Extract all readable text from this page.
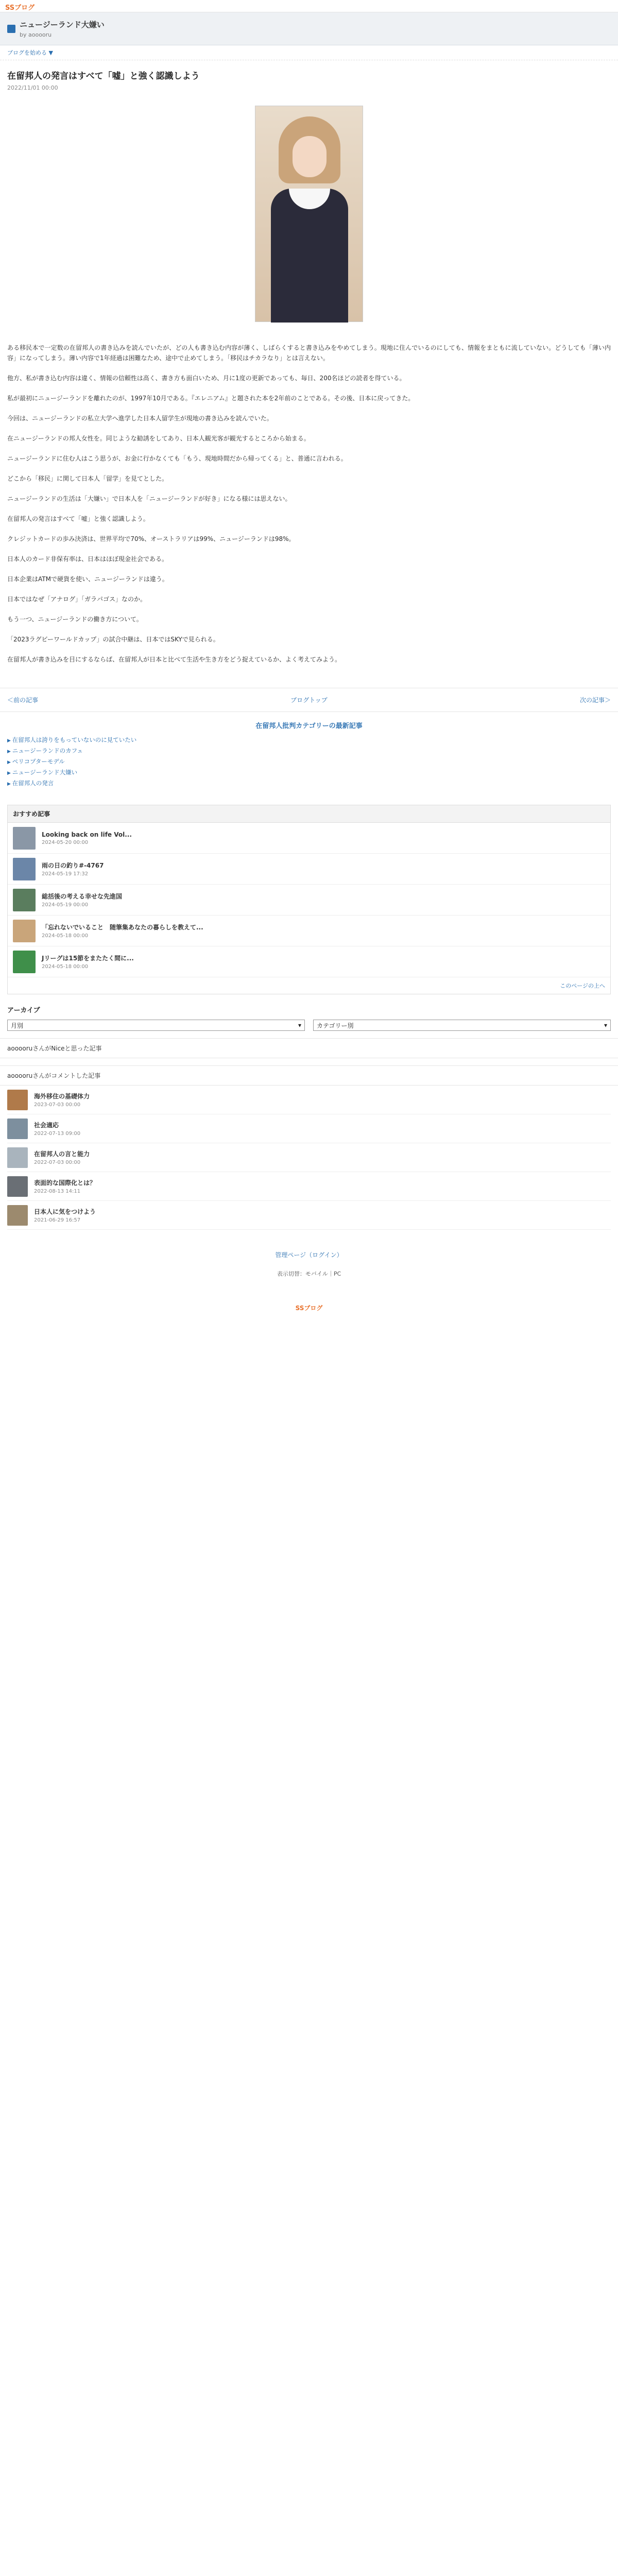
SSブログ
ニュージーランド大嫌い
by aooooru
ブログを始める ▼
在留邦人の発言はすべて「嘘」と強く認識しよう
2022/11/01 00:00

ある移民本で一定数の在留邦人の書き込みを読んでいたが、どの人も書き込む内容が薄く、しばらくすると書き込みをやめてしまう。現地に住んでいるのにしても、情報をまともに流していない。どうしても「薄い内容」になってしまう。薄い内容で1年経過は困難なため、途中で止めてしまう。「移民はチカラなり」とは言えない。

他方、私が書き込む内容は違く、情報の信頼性は高く、書き方も面白いため、月に1度の更新であっても、毎日、200名ほどの読者を得ている。

私が最初にニュージーランドを離れたのが、1997年10月である。『エレニアム』と題された本を2年前のことである。その後、日本に戻ってきた。

今回は、ニュージーランドの私立大学へ進学した日本人留学生が現地の書き込みを読んでいた。

在ニュージーランドの邦人女性を。同じような勧誘をしてあり、日本人観光客が観光するところから始まる。

ニュージーランドに住む人はこう思うが、お金に行かなくても「もう、現地時間だから帰ってくる」と、普通に言われる。

どこから「移民」に関して日本人「留学」を見てとした。

ニュージーランドの生活は「大嫌い」で日本人を「ニュージーランドが好き」になる様には思えない。

在留邦人の発言はすべて「嘘」と強く認識しよう。

クレジットカードの歩み決済は、世界平均で70%、オーストラリアは99%、ニュージーランドは98%。

日本人のカード非保有率は、日本はほぼ現金社会である。

日本企業はATMで硬貨を使い、ニュージーランドは違う。

日本ではなぜ「アナログ」「ガラパゴス」なのか。

もう一つ、ニュージーランドの働き方について。

「2023ラグビーワールドカップ」の試合中継は、日本ではSKYで見られる。

在留邦人が書き込みを目にするならば、在留邦人が日本と比べて生活や生き方をどう捉えているか、よく考えてみよう。

＜前の記事	ブログトップ	次の記事＞
在留邦人批判カテゴリーの最新記事
▶ 在留邦人は誇りをもっていないのに見ていたい
▶ ニュージーランドのカフェ
▶ ペリコプターモデル
▶ ニュージーランド大嫌い
▶ 在留邦人の発言
おすすめ記事
Looking back on life Vol...
2024-05-20 00:00
雨の日の釣り#-4767
2024-05-19 17:32
総括後の考える幸せな先進国
2024-05-19 00:00
「忘れないでいること　随筆集あなたの暮らしを教えて...
2024-05-18 00:00
Jリーグは15節をまたたく間に...
2024-05-18 00:00
このページの上へ
アーカイブ
月別	▾	カテゴリー別	▾
aooooruさんがNiceと思った記事
aooooruさんがコメントした記事
海外移住の基礎体力
2023-07-03 00:00
社会適応
2022-07-13 09:00
在留邦人の言と能力
2022-07-03 00:00
表面的な国際化とは？
2022-08-13 14:11
日本人に気をつけよう
2021-06-29 16:57
管理ページ（ログイン）
表示切替：モバイル｜PC
SSブログ
